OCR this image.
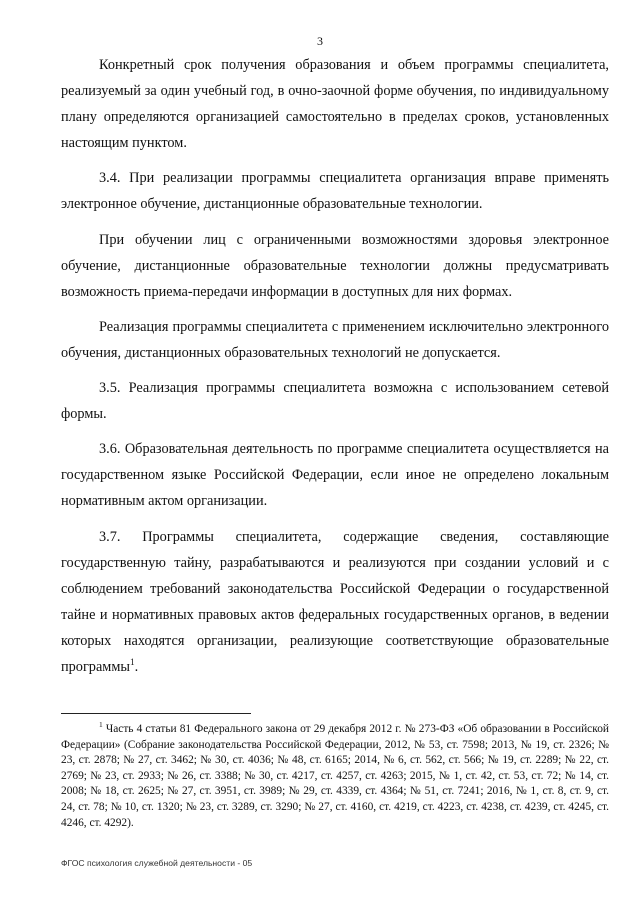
3

Конкретный срок получения образования и объем программы специалитета, реализуемый за один учебный год, в очно-заочной форме обучения, по индивидуальному плану определяются организацией самостоятельно в пределах сроков, установленных настоящим пунктом.

3.4. При реализации программы специалитета организация вправе применять электронное обучение, дистанционные образовательные технологии.

При обучении лиц с ограниченными возможностями здоровья электронное обучение, дистанционные образовательные технологии должны предусматривать возможность приема-передачи информации в доступных для них формах.

Реализация программы специалитета с применением исключительно электронного обучения, дистанционных образовательных технологий не допускается.

3.5. Реализация программы специалитета возможна с использованием сетевой формы.

3.6. Образовательная деятельность по программе специалитета осуществляется на государственном языке Российской Федерации, если иное не определено локальным нормативным актом организации.

3.7. Программы специалитета, содержащие сведения, составляющие государственную тайну, разрабатываются и реализуются при создании условий и с соблюдением требований законодательства Российской Федерации о государственной тайне и нормативных правовых актов федеральных государственных органов, в ведении которых находятся организации, реализующие соответствующие образовательные программы$^1$.

$^1$ Часть 4 статьи 81 Федерального закона от 29 декабря 2012 г. № 273-ФЗ «Об образовании в Российской Федерации» (Собрание законодательства Российской Федерации, 2012, № 53, ст. 7598; 2013, № 19, ст. 2326; № 23, ст. 2878; № 27, ст. 3462; № 30, ст. 4036; № 48, ст. 6165; 2014, № 6, ст. 562, ст. 566; № 19, ст. 2289; № 22, ст. 2769; № 23, ст. 2933; № 26, ст. 3388; № 30, ст. 4217, ст. 4257, ст. 4263; 2015, № 1, ст. 42, ст. 53, ст. 72; № 14, ст. 2008; № 18, ст. 2625; № 27, ст. 3951, ст. 3989; № 29, ст. 4339, ст. 4364; № 51, ст. 7241; 2016, № 1, ст. 8, ст. 9, ст. 24, ст. 78; № 10, ст. 1320; № 23, ст. 3289, ст. 3290; № 27, ст. 4160, ст. 4219, ст. 4223, ст. 4238, ст. 4239, ст. 4245, ст. 4246, ст. 4292).

ФГОС психология служебной деятельности - 05
